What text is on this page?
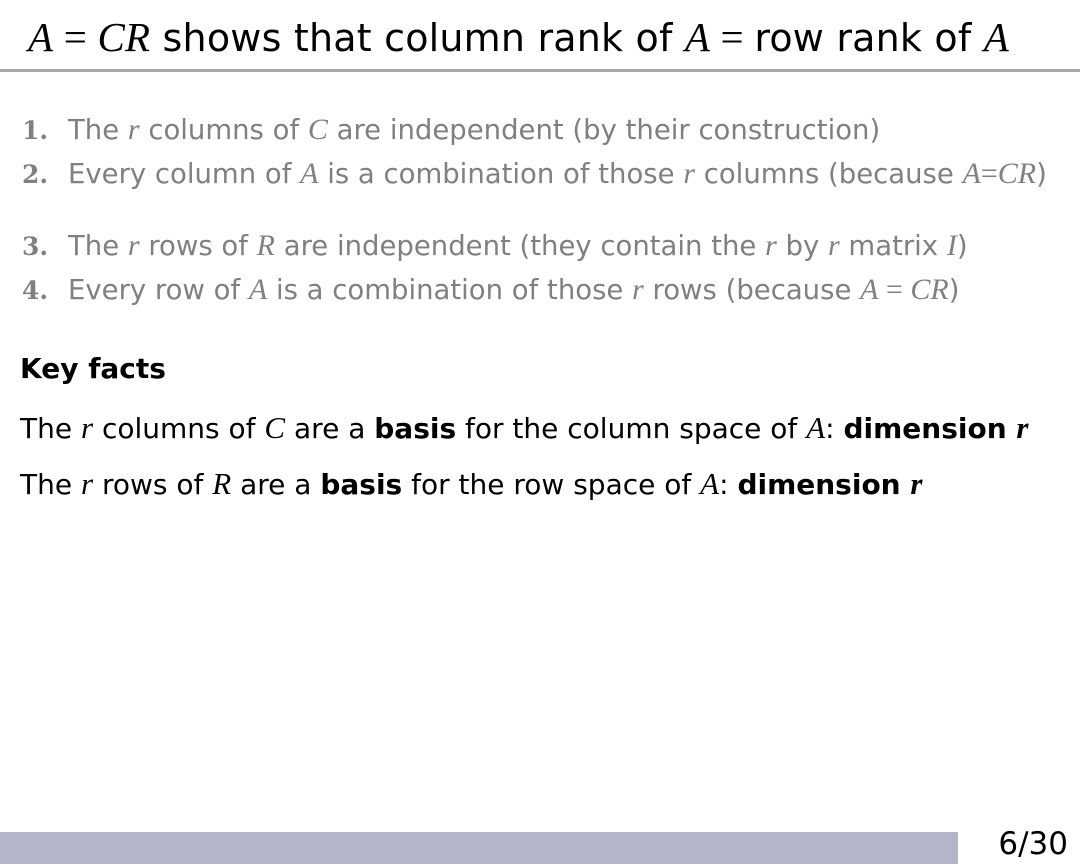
A = CR shows that column rank of A = row rank of A
1. The r columns of C are independent (by their construction)
2. Every column of A is a combination of those r columns (because A=CR)
3. The r rows of R are independent (they contain the r by r matrix I)
4. Every row of A is a combination of those r rows (because A = CR)
Key facts
The r columns of C are a basis for the column space of A: dimension r
The r rows of R are a basis for the row space of A: dimension r
6/30
